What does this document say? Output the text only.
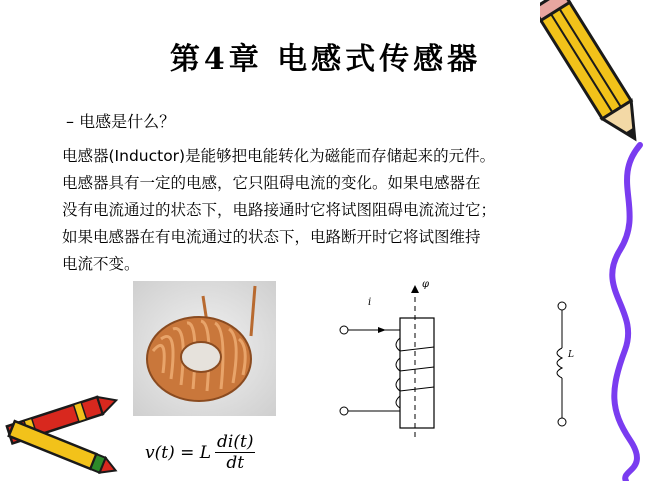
第4章 电感式传感器
– 电感是什么？

电感器(Inductor)是能够把电能转化为磁能而存储起来的元件。

电感器具有一定的电感，它只阻碍电流的变化。如果电感器在

没有电流通过的状态下，电路接通时它将试图阻碍电流流过它；

如果电感器在有电流通过的状态下，电路断开时它将试图维持

电流不变。

v(t) = L $\frac{di(t)}{dt}$
i
φ
L
